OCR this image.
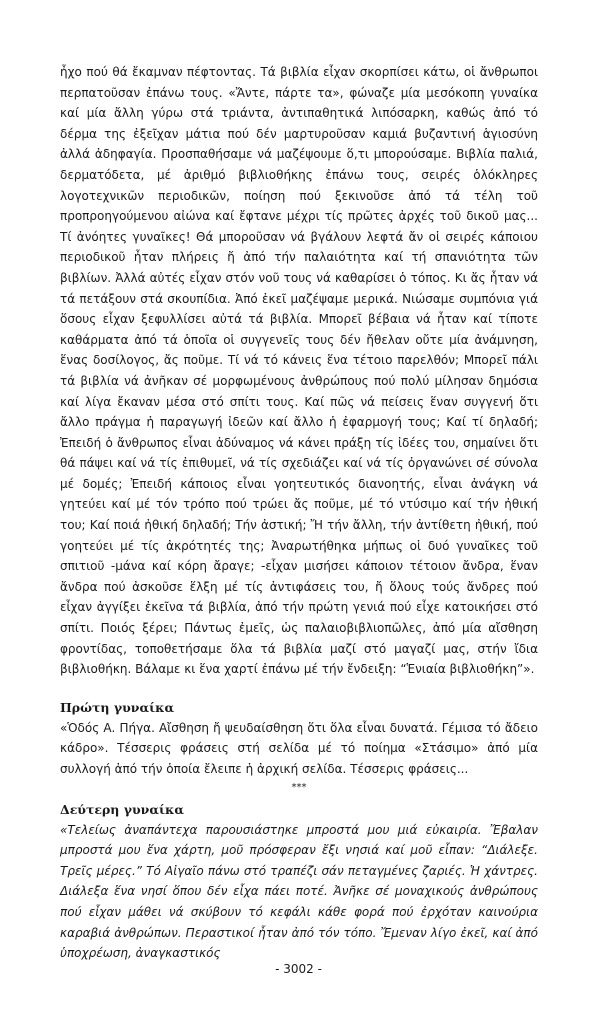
ἦχο πού θά ἔκαμναν πέφτοντας. Τά βιβλία εἶχαν σκορπίσει κάτω, οἱ ἄνθρωποι περπατοῦσαν ἐπάνω τους. «Ἄντε, πάρτε τα», φώναζε μία μεσόκοπη γυναίκα καί μία ἄλλη γύρω στά τριάντα, ἀντιπαθητικά λιπόσαρκη, καθώς ἀπό τό δέρμα της ἐξεῖχαν μάτια πού δέν μαρτυροῦσαν καμιά βυζαντινή ἁγιοσύνη ἀλλά ἀδηφαγία. Προσπαθήσαμε νά μαζέψουμε ὅ,τι μπορούσαμε. Βιβλία παλιά, δερματόδετα, μέ ἀριθμό βιβλιοθήκης ἐπάνω τους, σειρές ὁλόκληρες λογοτεχνικῶν περιοδικῶν, ποίηση πού ξεκινοῦσε ἀπό τά τέλη τοῦ προπροηγούμενου αἰώνα καί ἔφτανε μέχρι τίς πρῶτες ἀρχές τοῦ δικοῦ μας... Τί ἀνόητες γυναῖκες! Θά μποροῦσαν νά βγάλουν λεφτά ἄν οἱ σειρές κάποιου περιοδικοῦ ἦταν πλήρεις ἤ ἀπό τήν παλαιότητα καί τή σπανιότητα τῶν βιβλίων. Ἀλλά αὐτές εἶχαν στόν νοῦ τους νά καθαρίσει ὁ τόπος. Κι ἄς ἦταν νά τά πετάξουν στά σκουπίδια. Ἀπό ἐκεῖ μαζέψαμε μερικά. Νιώσαμε συμπόνια γιά ὅσους εἶχαν ξεφυλλίσει αὐτά τά βιβλία. Μπορεῖ βέβαια νά ἦταν καί τίποτε καθάρματα ἀπό τά ὁποῖα οἱ συγγενεῖς τους δέν ἤθελαν οὔτε μία ἀνάμνηση, ἕνας δοσίλογος, ἄς ποῦμε. Τί νά τό κάνεις ἕνα τέτοιο παρελθόν; Μπορεῖ πάλι τά βιβλία νά ἀνῆκαν σέ μορφωμένους ἀνθρώπους πού πολύ μίλησαν δημόσια καί λίγα ἔκαναν μέσα στό σπίτι τους. Καί πῶς νά πείσεις ἕναν συγγενή ὅτι ἄλλο πράγμα ἡ παραγωγή ἰδεῶν καί ἄλλο ἡ ἐφαρμογή τους; Καί τί δηλαδή; Ἐπειδή ὁ ἄνθρωπος εἶναι ἀδύναμος νά κάνει πράξη τίς ἰδέες του, σημαίνει ὅτι θά πάψει καί νά τίς ἐπιθυμεῖ, νά τίς σχεδιάζει καί νά τίς ὀργανώνει σέ σύνολα μέ δομές; Ἐπειδή κάποιος εἶναι γοητευτικός διανοητής, εἶναι ἀνάγκη νά γητεύει καί μέ τόν τρόπο πού τρώει ἄς ποῦμε, μέ τό ντύσιμο καί τήν ἠθική του; Καί ποιά ἠθική δηλαδή; Τήν ἀστική; Ἤ τήν ἄλλη, τήν ἀντίθετη ἠθική, πού γοητεύει μέ τίς ἀκρότητές της; Ἀναρωτήθηκα μήπως οἱ δυό γυναῖκες τοῦ σπιτιοῦ -μάνα καί κόρη ἄραγε; -εἶχαν μισήσει κάποιον τέτοιον ἄνδρα, ἕναν ἄνδρα πού ἀσκοῦσε ἕλξη μέ τίς ἀντιφάσεις του, ἤ ὅλους τούς ἄνδρες πού εἶχαν ἀγγίξει ἐκεῖνα τά βιβλία, ἀπό τήν πρώτη γενιά πού εἶχε κατοικήσει στό σπίτι. Ποιός ξέρει; Πάντως ἐμεῖς, ὡς παλαιοβιβλιοπῶλες, ἀπό μία αἴσθηση φροντίδας, τοποθετήσαμε ὅλα τά βιβλία μαζί στό μαγαζί μας, στήν ἴδια βιβλιοθήκη. Βάλαμε κι ἕνα χαρτί ἐπάνω μέ τήν ἔνδειξη: “Ἑνιαία βιβλιοθήκη”».

Πρώτη γυναίκα

«Ὁδός Α. Πήγα. Αἴσθηση ἤ ψευδαίσθηση ὅτι ὅλα εἶναι δυνατά. Γέμισα τό ἄδειο κάδρο». Τέσσερις φράσεις στή σελίδα μέ τό ποίημα «Στάσιμο» ἀπό μία συλλογή ἀπό τήν ὁποία ἔλειπε ἡ ἀρχική σελίδα. Τέσσερις φράσεις...

***

Δεύτερη γυναίκα

«Τελείως ἀναπάντεχα παρουσιάστηκε μπροστά μου μιά εὐκαιρία. Ἔβαλαν μπροστά μου ἕνα χάρτη, μοῦ πρόσφεραν ἔξι νησιά καί μοῦ εἶπαν: “Διάλεξε. Τρεῖς μέρες.” Τό Αἰγαῖο πάνω στό τραπέζι σάν πεταγμένες ζαριές. Ἡ χάντρες. Διάλεξα ἕνα νησί ὅπου δέν εἶχα πάει ποτέ. Ἀνῆκε σέ μοναχικούς ἀνθρώπους πού εἶχαν μάθει νά σκύβουν τό κεφάλι κάθε φορά πού ἐρχόταν καινούρια καραβιά ἀνθρώπων. Περαστικοί ἦταν ἀπό τόν τόπο. Ἔμεναν λίγο ἐκεῖ, καί ἀπό ὑποχρέωση, ἀναγκαστικός

- 3002 -
